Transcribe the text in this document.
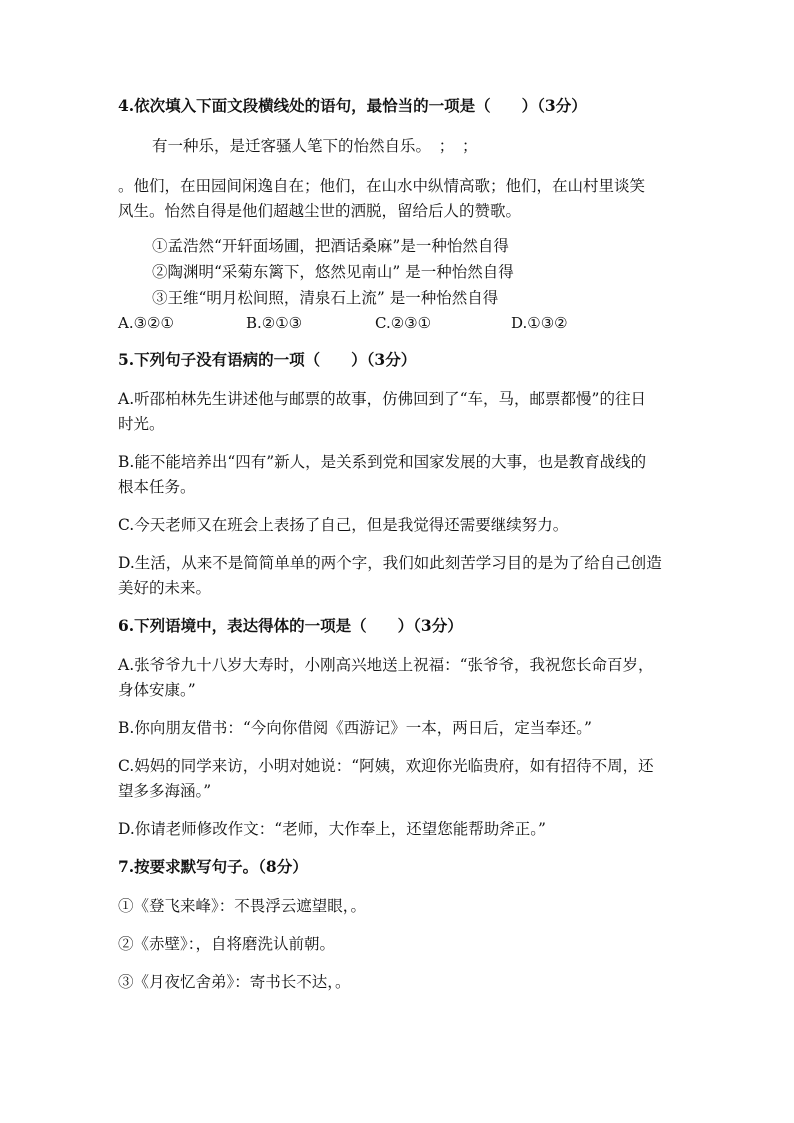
4.依次填入下面文段横线处的语句，最恰当的一项是（　　）（3分）
有一种乐，是迁客骚人笔下的怡然自乐。　；　；
。他们，在田园间闲逸自在；他们，在山水中纵情高歌；他们，在山村里谈笑
风生。怡然自得是他们超越尘世的洒脱，留给后人的赞歌。
①孟浩然“开轩面场圃，把酒话桑麻”是一种怡然自得
②陶渊明“采菊东篱下，悠然见南山” 是一种怡然自得
③王维“明月松间照，清泉石上流” 是一种怡然自得
A.③②①	B.②①③	C.②③①	D.①③②
5.下列句子没有语病的一项（　　）（3分）
A.听邵柏林先生讲述他与邮票的故事，仿佛回到了“车，马，邮票都慢”的往日
时光。
B.能不能培养出“四有”新人，是关系到党和国家发展的大事，也是教育战线的
根本任务。
C.今天老师又在班会上表扬了自己，但是我觉得还需要继续努力。
D.生活，从来不是简简单单的两个字，我们如此刻苦学习目的是为了给自己创造
美好的未来。
6.下列语境中，表达得体的一项是（　　）（3分）
A.张爷爷九十八岁大寿时，小刚高兴地送上祝福：“张爷爷，我祝您长命百岁，
身体安康。”
B.你向朋友借书：“今向你借阅《西游记》一本，两日后，定当奉还。”
C.妈妈的同学来访，小明对她说：“阿姨，欢迎你光临贵府，如有招待不周，还
望多多海涵。”
D.你请老师修改作文：“老师，大作奉上，还望您能帮助斧正。”
7.按要求默写句子。（8分）
①《登飞来峰》：不畏浮云遮望眼，。
②《赤壁》：，自将磨洗认前朝。
③《月夜忆舍弟》：寄书长不达，。
